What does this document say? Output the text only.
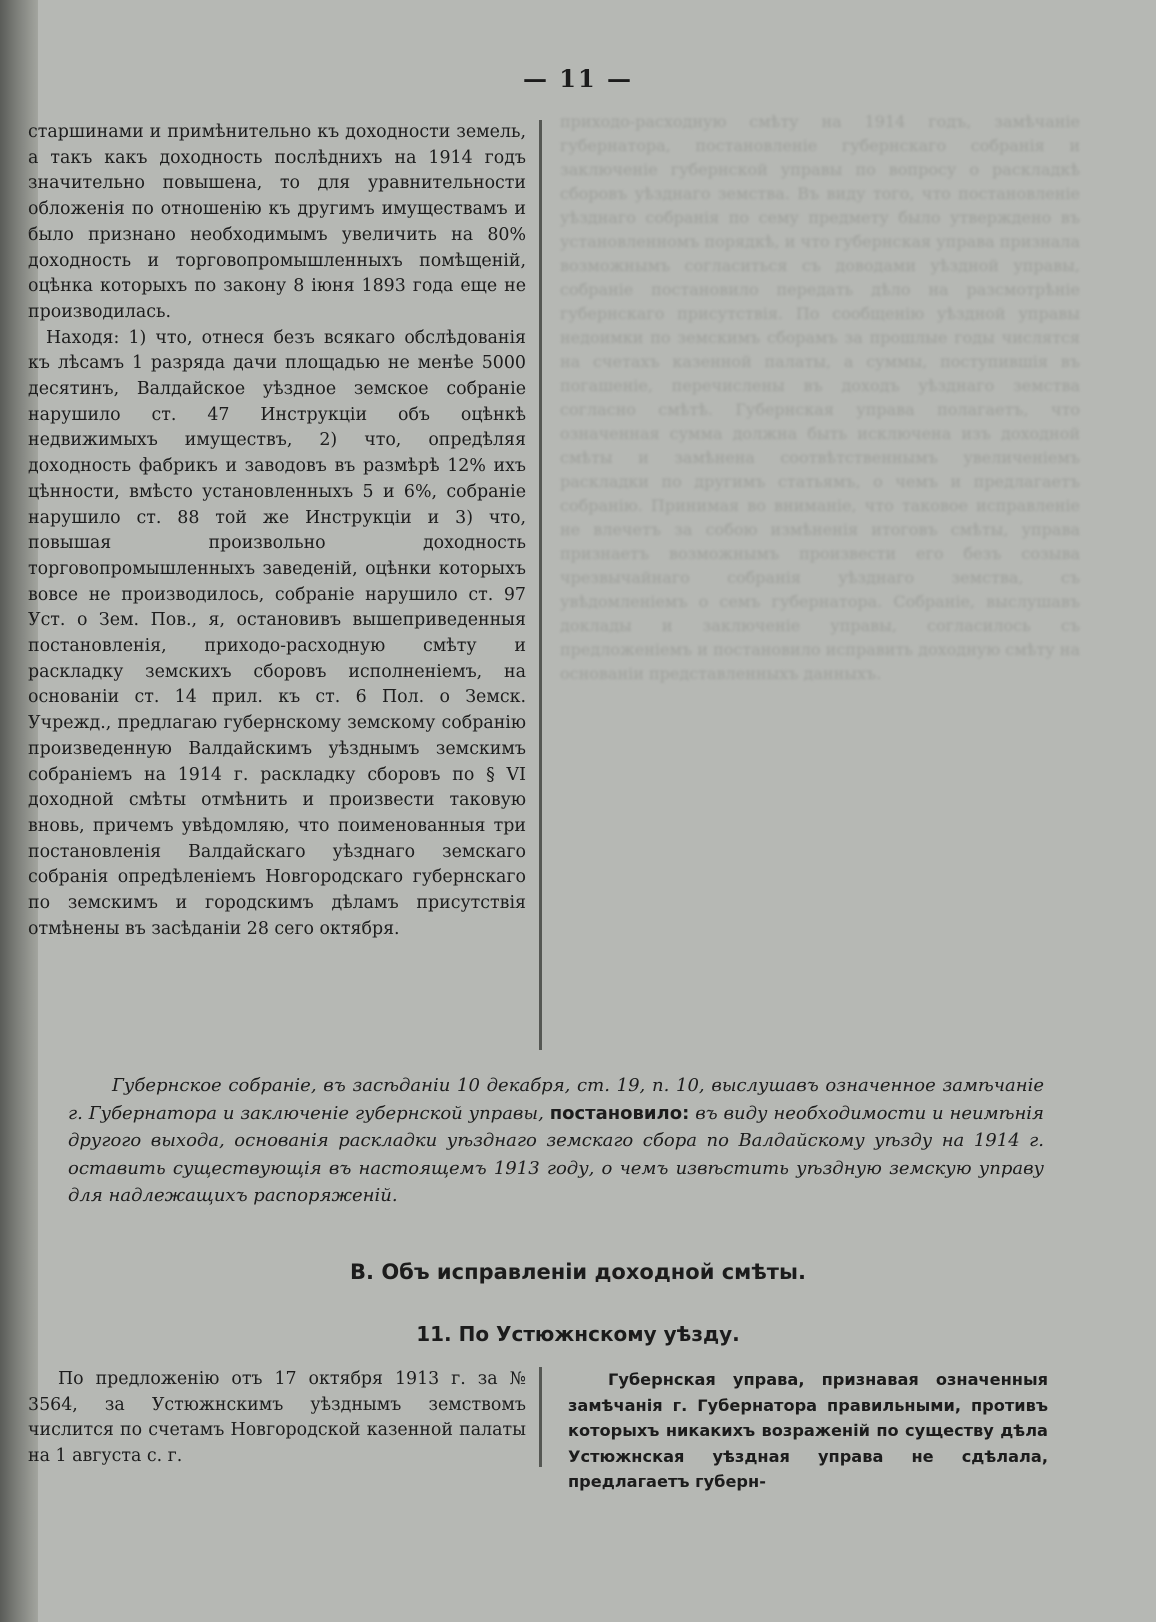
приходо-расходную смѣту на 1914 годъ, замѣчаніе губернатора, постановленіе губернскаго собранія и заключеніе губернской управы по вопросу о раскладкѣ сборовъ уѣзднаго земства. Въ виду того, что постановленіе уѣзднаго собранія по сему предмету было утверждено въ установленномъ порядкѣ, и что губернская управа признала возможнымъ согласиться съ доводами уѣздной управы, собраніе постановило передать дѣло на разсмотрѣніе губернскаго присутствія. По сообщенію уѣздной управы недоимки по земскимъ сборамъ за прошлые годы числятся на счетахъ казенной палаты, а суммы, поступившія въ погашеніе, перечислены въ доходъ уѣзднаго земства согласно смѣтѣ. Губернская управа полагаетъ, что означенная сумма должна быть исключена изъ доходной смѣты и замѣнена соотвѣтственнымъ увеличеніемъ раскладки по другимъ статьямъ, о чемъ и предлагаетъ собранію. Принимая во вниманіе, что таковое исправленіе не влечетъ за собою измѣненія итоговъ смѣты, управа признаетъ возможнымъ произвести его безъ созыва чрезвычайнаго собранія уѣзднаго земства, съ увѣдомленіемъ о семъ губернатора. Собраніе, выслушавъ доклады и заключеніе управы, согласилось съ предложеніемъ и постановило исправить доходную смѣту на основаніи представленныхъ данныхъ.

— 11 —

старшинами и примѣнительно къ доходности земель, а такъ какъ доходность послѣднихъ на 1914 годъ значительно повышена, то для уравнительности обложенія по отношенію къ другимъ имуществамъ и было признано необходимымъ увеличить на 80% доходность и торговопромышленныхъ помѣщеній, оцѣнка которыхъ по закону 8 іюня 1893 года еще не производилась.

Находя: 1) что, отнеся безъ всякаго обслѣдованія къ лѣсамъ 1 разряда дачи площадью не менѣе 5000 десятинъ, Валдайское уѣздное земское собраніе нарушило ст. 47 Инструкціи объ оцѣнкѣ недвижимыхъ имуществъ, 2) что, опредѣляя доходность фабрикъ и заводовъ въ размѣрѣ 12% ихъ цѣнности, вмѣсто установленныхъ 5 и 6%, собраніе нарушило ст. 88 той же Инструкціи и 3) что, повышая произвольно доходность торговопромышленныхъ заведеній, оцѣнки которыхъ вовсе не производилось, собраніе нарушило ст. 97 Уст. о Зем. Пов., я, остановивъ вышеприведенныя постановленія, приходо-расходную смѣту и раскладку земскихъ сборовъ исполненіемъ, на основаніи ст. 14 прил. къ ст. 6 Пол. о Земск. Учрежд., предлагаю губернскому земскому собранію произведенную Валдайскимъ уѣзднымъ земскимъ собраніемъ на 1914 г. раскладку сборовъ по § VI доходной смѣты отмѣнить и произвести таковую вновь, причемъ увѣдомляю, что поименованныя три постановленія Валдайскаго уѣзднаго земскаго собранія опредѣленіемъ Новгородскаго губернскаго по земскимъ и городскимъ дѣламъ присутствія отмѣнены въ засѣданіи 28 сего октября.

Губернское собраніе, въ засѣданіи 10 декабря, ст. 19, п. 10, выслушавъ означенное замѣчаніе г. Губернатора и заключеніе губернской управы, постановило: въ виду необходимости и неимѣнія другого выхода, основанія раскладки уѣзднаго земскаго сбора по Валдайскому уѣзду на 1914 г. оставить существующія въ настоящемъ 1913 году, о чемъ извѣстить уѣздную земскую управу для надлежащихъ распоряженій.

В. Объ исправленіи доходной смѣты.
11. По Устюжнскому уѣзду.

По предложенію отъ 17 октября 1913 г. за № 3564, за Устюжнскимъ уѣзднымъ земствомъ числится по счетамъ Новгородской казенной палаты на 1 августа с. г.

Губернская управа, признавая означенныя замѣчанія г. Губернатора правильными, противъ которыхъ никакихъ возраженій по существу дѣла Устюжнская уѣздная управа не сдѣлала, предлагаетъ губерн-
